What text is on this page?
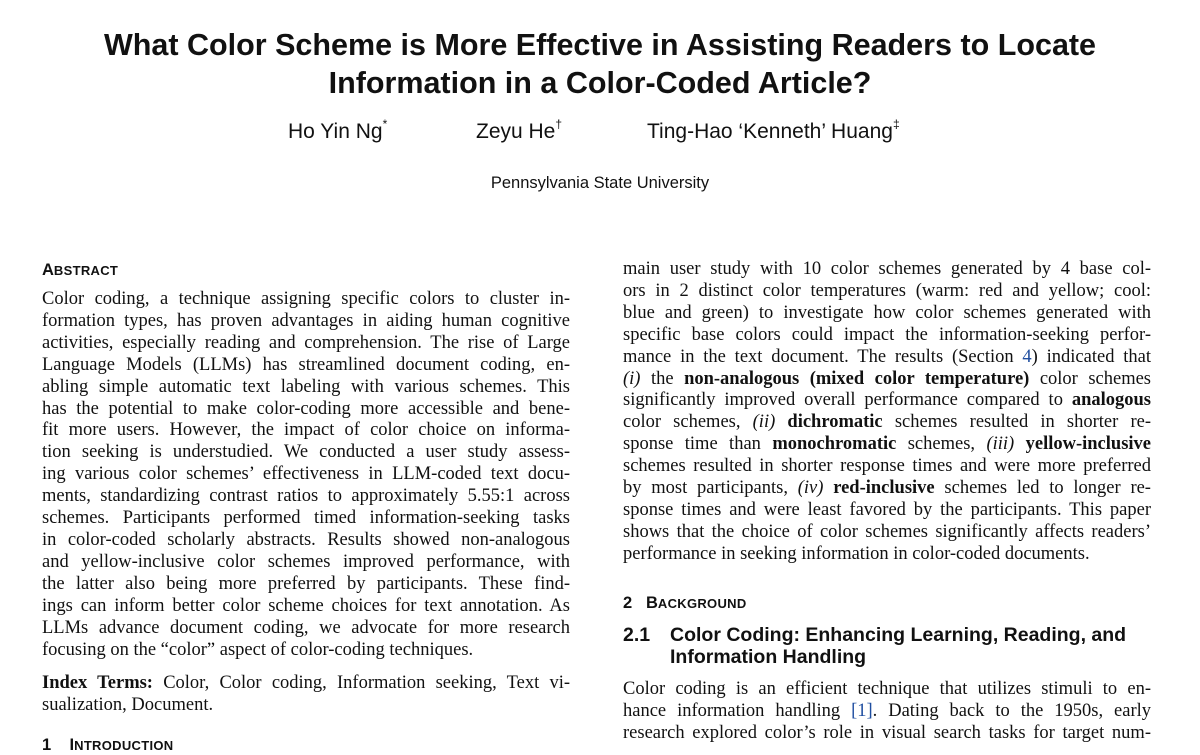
What Color Scheme is More Effective in Assisting Readers to Locate
Information in a Color-Coded Article?
Ho Yin Ng*	Zeyu He†	Ting-Hao ‘Kenneth’ Huang‡
Pennsylvania State University
ABSTRACT
Color coding, a technique assigning specific colors to cluster in-
formation types, has proven advantages in aiding human cognitive
activities, especially reading and comprehension. The rise of Large
Language Models (LLMs) has streamlined document coding, en-
abling simple automatic text labeling with various schemes. This
has the potential to make color-coding more accessible and bene-
fit more users. However, the impact of color choice on informa-
tion seeking is understudied. We conducted a user study assess-
ing various color schemes’ effectiveness in LLM-coded text docu-
ments, standardizing contrast ratios to approximately 5.55:1 across
schemes. Participants performed timed information-seeking tasks
in color-coded scholarly abstracts. Results showed non-analogous
and yellow-inclusive color schemes improved performance, with
the latter also being more preferred by participants. These find-
ings can inform better color scheme choices for text annotation. As
LLMs advance document coding, we advocate for more research
focusing on the “color” aspect of color-coding techniques.
Index Terms: Color, Color coding, Information seeking, Text vi-
sualization, Document.
1 INTRODUCTION
main user study with 10 color schemes generated by 4 base col-
ors in 2 distinct color temperatures (warm: red and yellow; cool:
blue and green) to investigate how color schemes generated with
specific base colors could impact the information-seeking perfor-
mance in the text document. The results (Section 4) indicated that
(i) the non-analogous (mixed color temperature) color schemes
significantly improved overall performance compared to analogous
color schemes, (ii) dichromatic schemes resulted in shorter re-
sponse time than monochromatic schemes, (iii) yellow-inclusive
schemes resulted in shorter response times and were more preferred
by most participants, (iv) red-inclusive schemes led to longer re-
sponse times and were least favored by the participants. This paper
shows that the choice of color schemes significantly affects readers’
performance in seeking information in color-coded documents.
2 BACKGROUND
2.1 Color Coding: Enhancing Learning, Reading, and
Information Handling
Color coding is an efficient technique that utilizes stimuli to en-
hance information handling [1]. Dating back to the 1950s, early
research explored color’s role in visual search tasks for target num-
